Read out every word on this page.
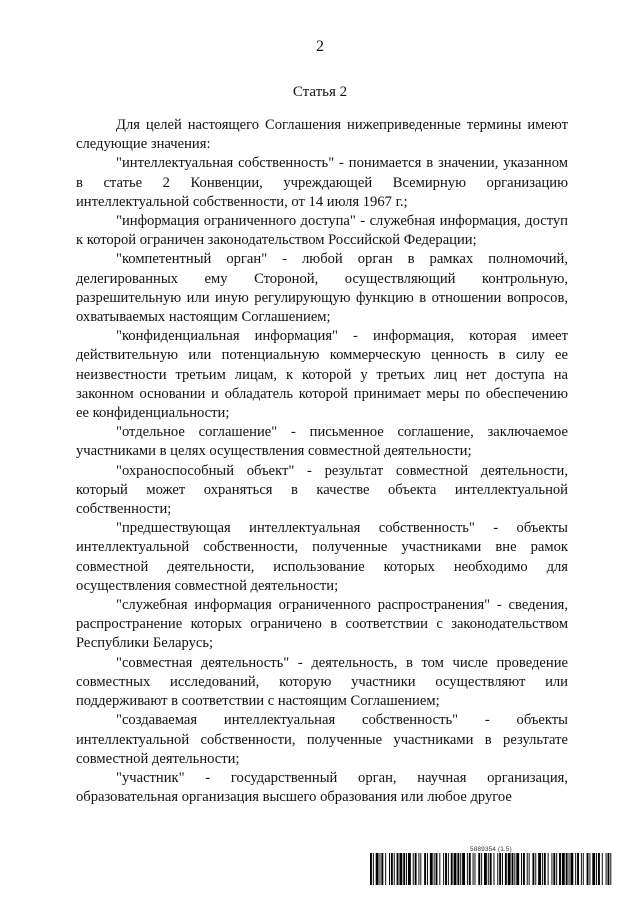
2
Статья 2

Для целей настоящего Соглашения нижеприведенные термины имеют следующие значения:

"интеллектуальная собственность" - понимается в значении, указанном в статье 2 Конвенции, учреждающей Всемирную организацию интеллектуальной собственности, от 14 июля 1967 г.;

"информация ограниченного доступа" - служебная информация, доступ к которой ограничен законодательством Российской Федерации;

"компетентный орган" - любой орган в рамках полномочий, делегированных ему Стороной, осуществляющий контрольную, разрешительную или иную регулирующую функцию в отношении вопросов, охватываемых настоящим Соглашением;

"конфиденциальная информация" - информация, которая имеет действительную или потенциальную коммерческую ценность в силу ее неизвестности третьим лицам, к которой у третьих лиц нет доступа на законном основании и обладатель которой принимает меры по обеспечению ее конфиденциальности;

"отдельное соглашение" - письменное соглашение, заключаемое участниками в целях осуществления совместной деятельности;

"охраноспособный объект" - результат совместной деятельности, который может охраняться в качестве объекта интеллектуальной собственности;

"предшествующая интеллектуальная собственность" - объекты интеллектуальной собственности, полученные участниками вне рамок совместной деятельности, использование которых необходимо для осуществления совместной деятельности;

"служебная информация ограниченного распространения" - сведения, распространение которых ограничено в соответствии с законодательством Республики Беларусь;

"совместная деятельность" - деятельность, в том числе проведение совместных исследований, которую участники осуществляют или поддерживают в соответствии с настоящим Соглашением;

"создаваемая интеллектуальная собственность" - объекты интеллектуальной собственности, полученные участниками в результате совместной деятельности;

"участник" - государственный орган, научная организация, образовательная организация высшего образования или любое другое

5889354 (1.5)
